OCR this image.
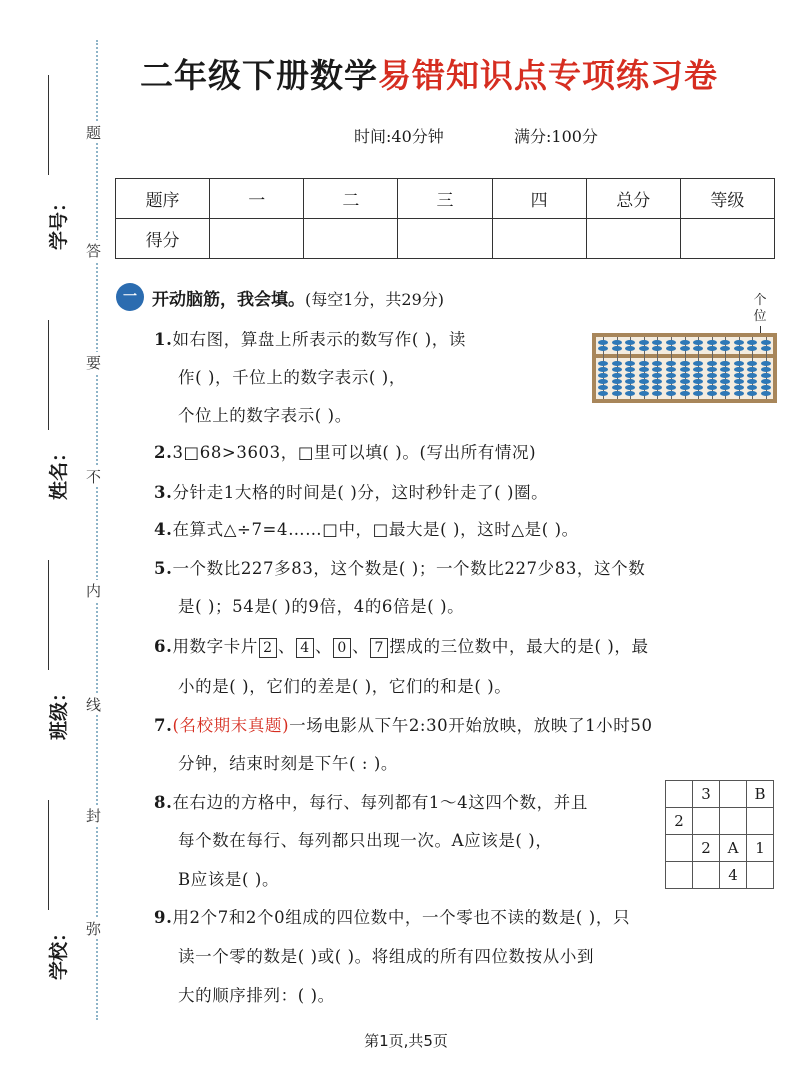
题
答
要
不
内
线
封
弥
学号：
姓名：
班级：
学校：
二年级下册数学易错知识点专项练习卷
时间:40分钟	满分:100分
题序	一	二	三	四	总分	等级
得分						
一 开动脑筋，我会填。(每空1分，共29分)	个
位
1.如右图，算盘上所表示的数写作( )，读
作( )，千位上的数字表示( )，
个位上的数字表示( )。
2.3□68>3603，□里可以填( )。(写出所有情况)
3.分针走1大格的时间是( )分，这时秒针走了( )圈。
4.在算式△÷7=4……□中，□最大是( )，这时△是( )。
5.一个数比227多83，这个数是( )；一个数比227少83，这个数
是( )；54是( )的9倍，4的6倍是( )。
6.用数字卡片 2 、 4 、 0 、 7 摆成的三位数中，最大的是( )，最
小的是( )，它们的差是( )，它们的和是( )。
7.(名校期末真题)一场电影从下午2:30开始放映，放映了1小时50
分钟，结束时刻是下午( : )。
8.在右边的方格中，每行、每列都有1～4这四个数，并且
每个数在每行、每列都只出现一次。A应该是( )，
B应该是( )。
	3		B
2			
	2	A	1
		4	
9.用2个7和2个0组成的四位数中，一个零也不读的数是( )，只
读一个零的数是( )或( )。将组成的所有四位数按从小到
大的顺序排列：( )。
第1页,共5页
